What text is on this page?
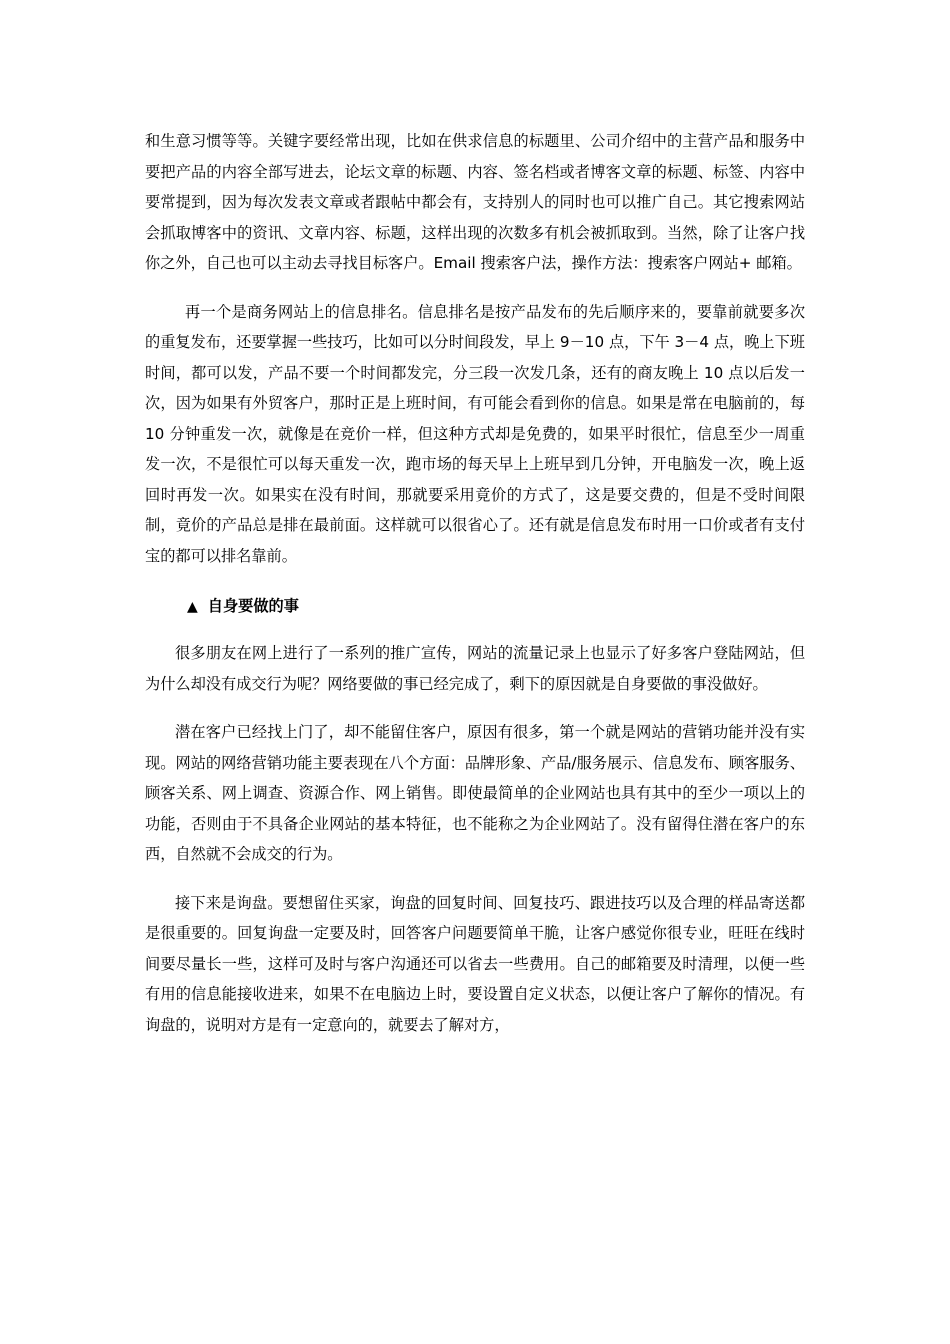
和生意习惯等等。关键字要经常出现，比如在供求信息的标题里、公司介绍中的主营产品和服务中要把产品的内容全部写进去，论坛文章的标题、内容、签名档或者博客文章的标题、标签、内容中要常提到，因为每次发表文章或者跟帖中都会有，支持别人的同时也可以推广自己。其它搜索网站会抓取博客中的资讯、文章内容、标题，这样出现的次数多有机会被抓取到。当然，除了让客户找你之外，自己也可以主动去寻找目标客户。Email 搜索客户法，操作方法：搜索客户网站+ 邮箱。

再一个是商务网站上的信息排名。信息排名是按产品发布的先后顺序来的，要靠前就要多次的重复发布，还要掌握一些技巧，比如可以分时间段发，早上 9－10 点，下午 3－4 点，晚上下班时间，都可以发，产品不要一个时间都发完，分三段一次发几条，还有的商友晚上 10 点以后发一次，因为如果有外贸客户，那时正是上班时间，有可能会看到你的信息。如果是常在电脑前的，每 10 分钟重发一次，就像是在竞价一样，但这种方式却是免费的，如果平时很忙，信息至少一周重发一次，不是很忙可以每天重发一次，跑市场的每天早上上班早到几分钟，开电脑发一次，晚上返回时再发一次。如果实在没有时间，那就要采用竟价的方式了，这是要交费的，但是不受时间限制，竟价的产品总是排在最前面。这样就可以很省心了。还有就是信息发布时用一口价或者有支付宝的都可以排名靠前。

▲ 自身要做的事

很多朋友在网上进行了一系列的推广宣传，网站的流量记录上也显示了好多客户登陆网站，但为什么却没有成交行为呢？网络要做的事已经完成了，剩下的原因就是自身要做的事没做好。

潜在客户已经找上门了，却不能留住客户，原因有很多，第一个就是网站的营销功能并没有实现。网站的网络营销功能主要表现在八个方面：品牌形象、产品/服务展示、信息发布、顾客服务、顾客关系、网上调查、资源合作、网上销售。即使最简单的企业网站也具有其中的至少一项以上的功能，否则由于不具备企业网站的基本特征，也不能称之为企业网站了。没有留得住潜在客户的东西，自然就不会成交的行为。

接下来是询盘。要想留住买家，询盘的回复时间、回复技巧、跟进技巧以及合理的样品寄送都是很重要的。回复询盘一定要及时，回答客户问题要简单干脆，让客户感觉你很专业，旺旺在线时间要尽量长一些，这样可及时与客户沟通还可以省去一些费用。自己的邮箱要及时清理，以便一些有用的信息能接收进来，如果不在电脑边上时，要设置自定义状态，以便让客户了解你的情况。有询盘的，说明对方是有一定意向的，就要去了解对方，
